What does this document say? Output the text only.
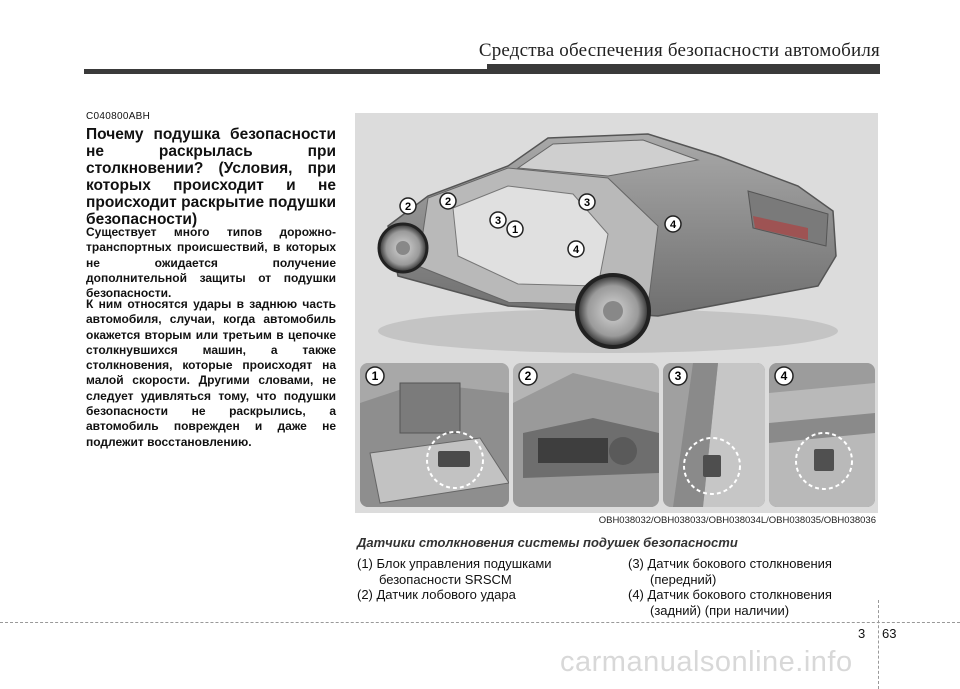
Средства обеспечения безопасности автомобиля
C040800ABH
Почему подушка безопасности не раскрылась при столкновении? (Условия, при которых происходит и не происходит раскрытие подушки безопасности)

Существует много типов дорожно-транспортных происшествий, в которых не ожидается получение дополнительной защиты от подушки безопасности.

К ним относятся удары в заднюю часть автомобиля, случаи, когда автомобиль окажется вторым или третьим в цепочке столкнувшихся машин, а также столкновения, которые происходят на малой скорости. Другими словами, не следует удивляться тому, что подушки безопасности не раскрылись, а автомобиль поврежден и даже не подлежит восстановлению.

2	2
3
1
3
4
4
1	2	3	4
OBH038032/OBH038033/OBH038034L/OBH038035/OBH038036
Датчики столкновения системы подушек безопасности
(1) Блок управления подушками
безопасности SRSCM
(2) Датчик лобового удара
(3) Датчик бокового столкновения
(передний)
(4) Датчик бокового столкновения
(задний) (при наличии)
3 63
carmanualsonline.info
